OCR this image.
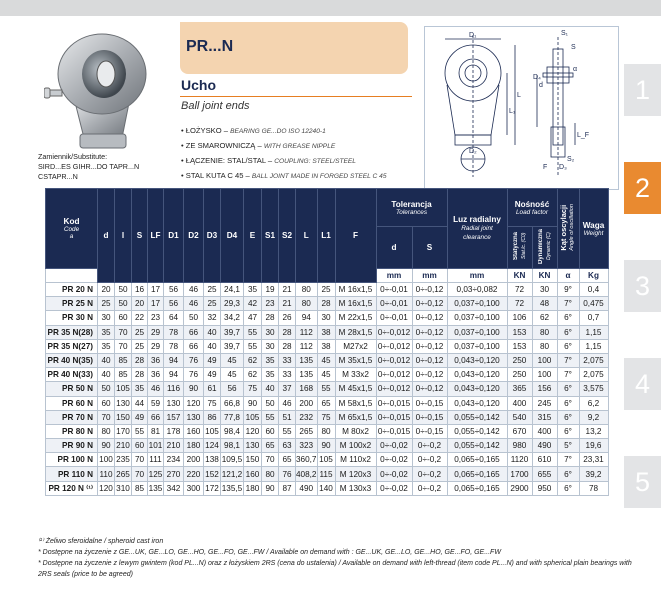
PR...N
Ucho
Ball joint ends
• ŁOŻYSKO – BEARING GE...DO ISO 12240-1
• ZE SMAROWNICZĄ – WITH GREASE NIPPLE
• ŁĄCZENIE: STAL/STAL – COUPLING: STEEL/STEEL
• STAL KUTA C 45 – BALL JOINT MADE IN FORGED STEEL C 45
Zamiennik/Substitute:
SIRD...ES GIHR...DO TAPR...N
CSTAPR...N
D₁	S₁
S
D₄
d
L
L₁
L_F
D₂
D₃
F
S₂
α
1
2
3
4
5
Kod
Code
a	d	l	S	LF	D1	D2	D3	D4	E	S1	S2	L	L1	F	Tolerancja
Tolerances		Luz radialny
Radial joint clearance	Nośność
Load factor		Kąt oscylacji
Angle of oscillation	Waga
Weight

															d	S		Statyczna Stat.lc. (C0)	Dynamiczna Dynamic (C)		
															mm	mm	mm	KN	KN	α	Kg
PR 20 N	20	50	16	17	56	46	25	24,1	35	19	21	80	25	M 16x1,5	0÷-0,01	0÷-0,12	0,03÷0,082	72	30	9°	0,4
PR 25 N	25	50	20	17	56	46	25	29,3	42	23	21	80	28	M 16x1,5	0÷-0,01	0÷-0,12	0,037÷0,100	72	48	7°	0,475
PR 30 N	30	60	22	23	64	50	32	34,2	47	28	26	94	30	M 22x1,5	0÷-0,01	0÷-0,12	0,037÷0,100	106	62	6°	0,7
PR 35 N(28)	35	70	25	29	78	66	40	39,7	55	30	28	112	38	M 28x1,5	0÷-0,012	0÷-0,12	0,037÷0,100	153	80	6°	1,15
PR 35 N(27)	35	70	25	29	78	66	40	39,7	55	30	28	112	38	M27x2	0÷-0,012	0÷-0,12	0,037÷0,100	153	80	6°	1,15
PR 40 N(35)	40	85	28	36	94	76	49	45	62	35	33	135	45	M 35x1,5	0÷-0,012	0÷-0,12	0,043÷0,120	250	100	7°	2,075
PR 40 N(33)	40	85	28	36	94	76	49	45	62	35	33	135	45	M 33x2	0÷-0,012	0÷-0,12	0,043÷0,120	250	100	7°	2,075
PR 50 N	50	105	35	46	116	90	61	56	75	40	37	168	55	M 45x1,5	0÷-0,012	0÷-0,12	0,043÷0,120	365	156	6°	3,575
PR 60 N	60	130	44	59	130	120	75	66,8	90	50	46	200	65	M 58x1,5	0÷-0,015	0÷-0,15	0,043÷0,120	400	245	6°	6,2
PR 70 N	70	150	49	66	157	130	86	77,8	105	55	51	232	75	M 65x1,5	0÷-0,015	0÷-0,15	0,055÷0,142	540	315	6°	9,2
PR 80 N	80	170	55	81	178	160	105	98,4	120	60	55	265	80	M 80x2	0÷-0,015	0÷-0,15	0,055÷0,142	670	400	6°	13,2
PR 90 N	90	210	60	101	210	180	124	98,1	130	65	63	323	90	M 100x2	0÷-0,02	0÷-0,2	0,055÷0,142	980	490	5°	19,6
PR 100 N	100	235	70	111	234	200	138	109,5	150	70	65	360,7	105	M 110x2	0÷-0,02	0÷-0,2	0,065÷0,165	1120	610	7°	23,31
PR 110 N	110	265	70	125	270	220	152	121,2	160	80	76	408,2	115	M 120x3	0÷-0,02	0÷-0,2	0,065÷0,165	1700	655	6°	39,2
PR 120 N ⁽¹⁾	120	310	85	135	342	300	172	135,5	180	90	87	490	140	M 130x3	0÷-0,02	0÷-0,2	0,065÷0,165	2900	950	6°	78
⁽¹⁾ Żeliwo sferoidalne / spheroid cast iron
* Dostępne na życzenie z GE...UK, GE...LO, GE...HO, GE...FO, GE...FW / Available on demand with : GE...UK, GE...LO, GE...HO, GE...FO, GE...FW
* Dostępne na życzenie z lewym gwintem (kod PL...N) oraz z łożyskiem 2RS (cena do ustalenia) / Available on demand with left-thread (item code PL...N) and with spherical plain bearings with 2RS seals (price to be agreed)
